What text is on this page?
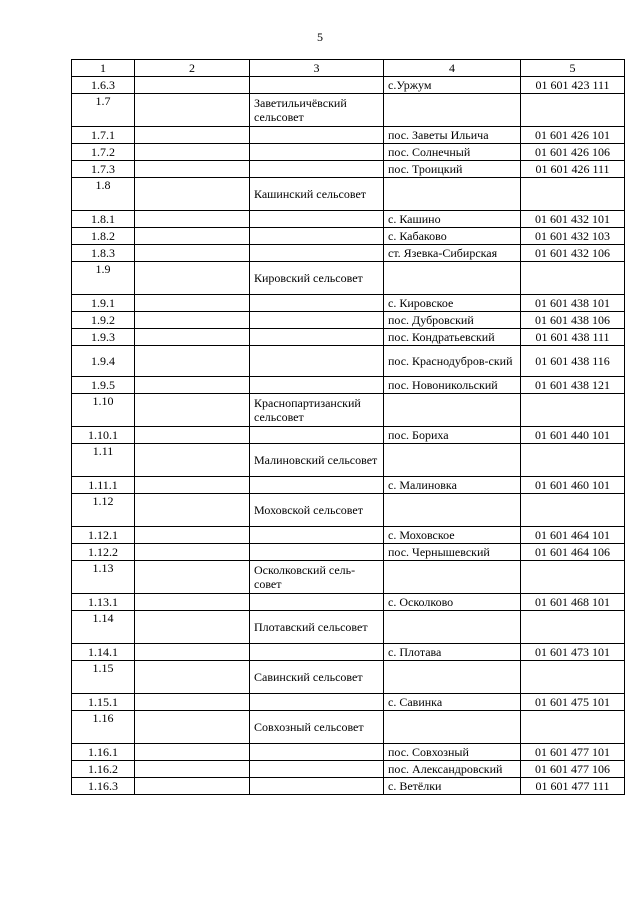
5
1	2	3	4	5
1.6.3			с.Уржум	01 601 423 111
1.7		Заветильичёвский сельсовет		
1.7.1			пос. Заветы Ильича	01 601 426 101
1.7.2			пос. Солнечный	01 601 426 106
1.7.3			пос. Троицкий	01 601 426 111
1.8		Кашинский сельсовет		
1.8.1			с. Кашино	01 601 432 101
1.8.2			с. Кабаково	01 601 432 103
1.8.3			ст. Язевка-Сибирская	01 601 432 106
1.9		Кировский сельсовет		
1.9.1			с. Кировское	01 601 438 101
1.9.2			пос. Дубровский	01 601 438 106
1.9.3			пос. Кондратьевский	01 601 438 111
1.9.4			пос. Краснодубров-ский	01 601 438 116
1.9.5			пос. Новоникольский	01 601 438 121
1.10		Краснопартизанский сельсовет		
1.10.1			пос. Бориха	01 601 440 101
1.11		Малиновский сельсовет		
1.11.1			с. Малиновка	01 601 460 101
1.12		Моховской сельсовет		
1.12.1			с. Моховское	01 601 464 101
1.12.2			пос. Чернышевский	01 601 464 106
1.13		Осколковский сель-совет		
1.13.1			с. Осколково	01 601 468 101
1.14		Плотавский сельсовет		
1.14.1			с. Плотава	01 601 473 101
1.15		Савинский сельсовет		
1.15.1			с. Савинка	01 601 475 101
1.16		Совхозный сельсовет		
1.16.1			пос. Совхозный	01 601 477 101
1.16.2			пос. Александровский	01 601 477 106
1.16.3			с. Ветёлки	01 601 477 111
